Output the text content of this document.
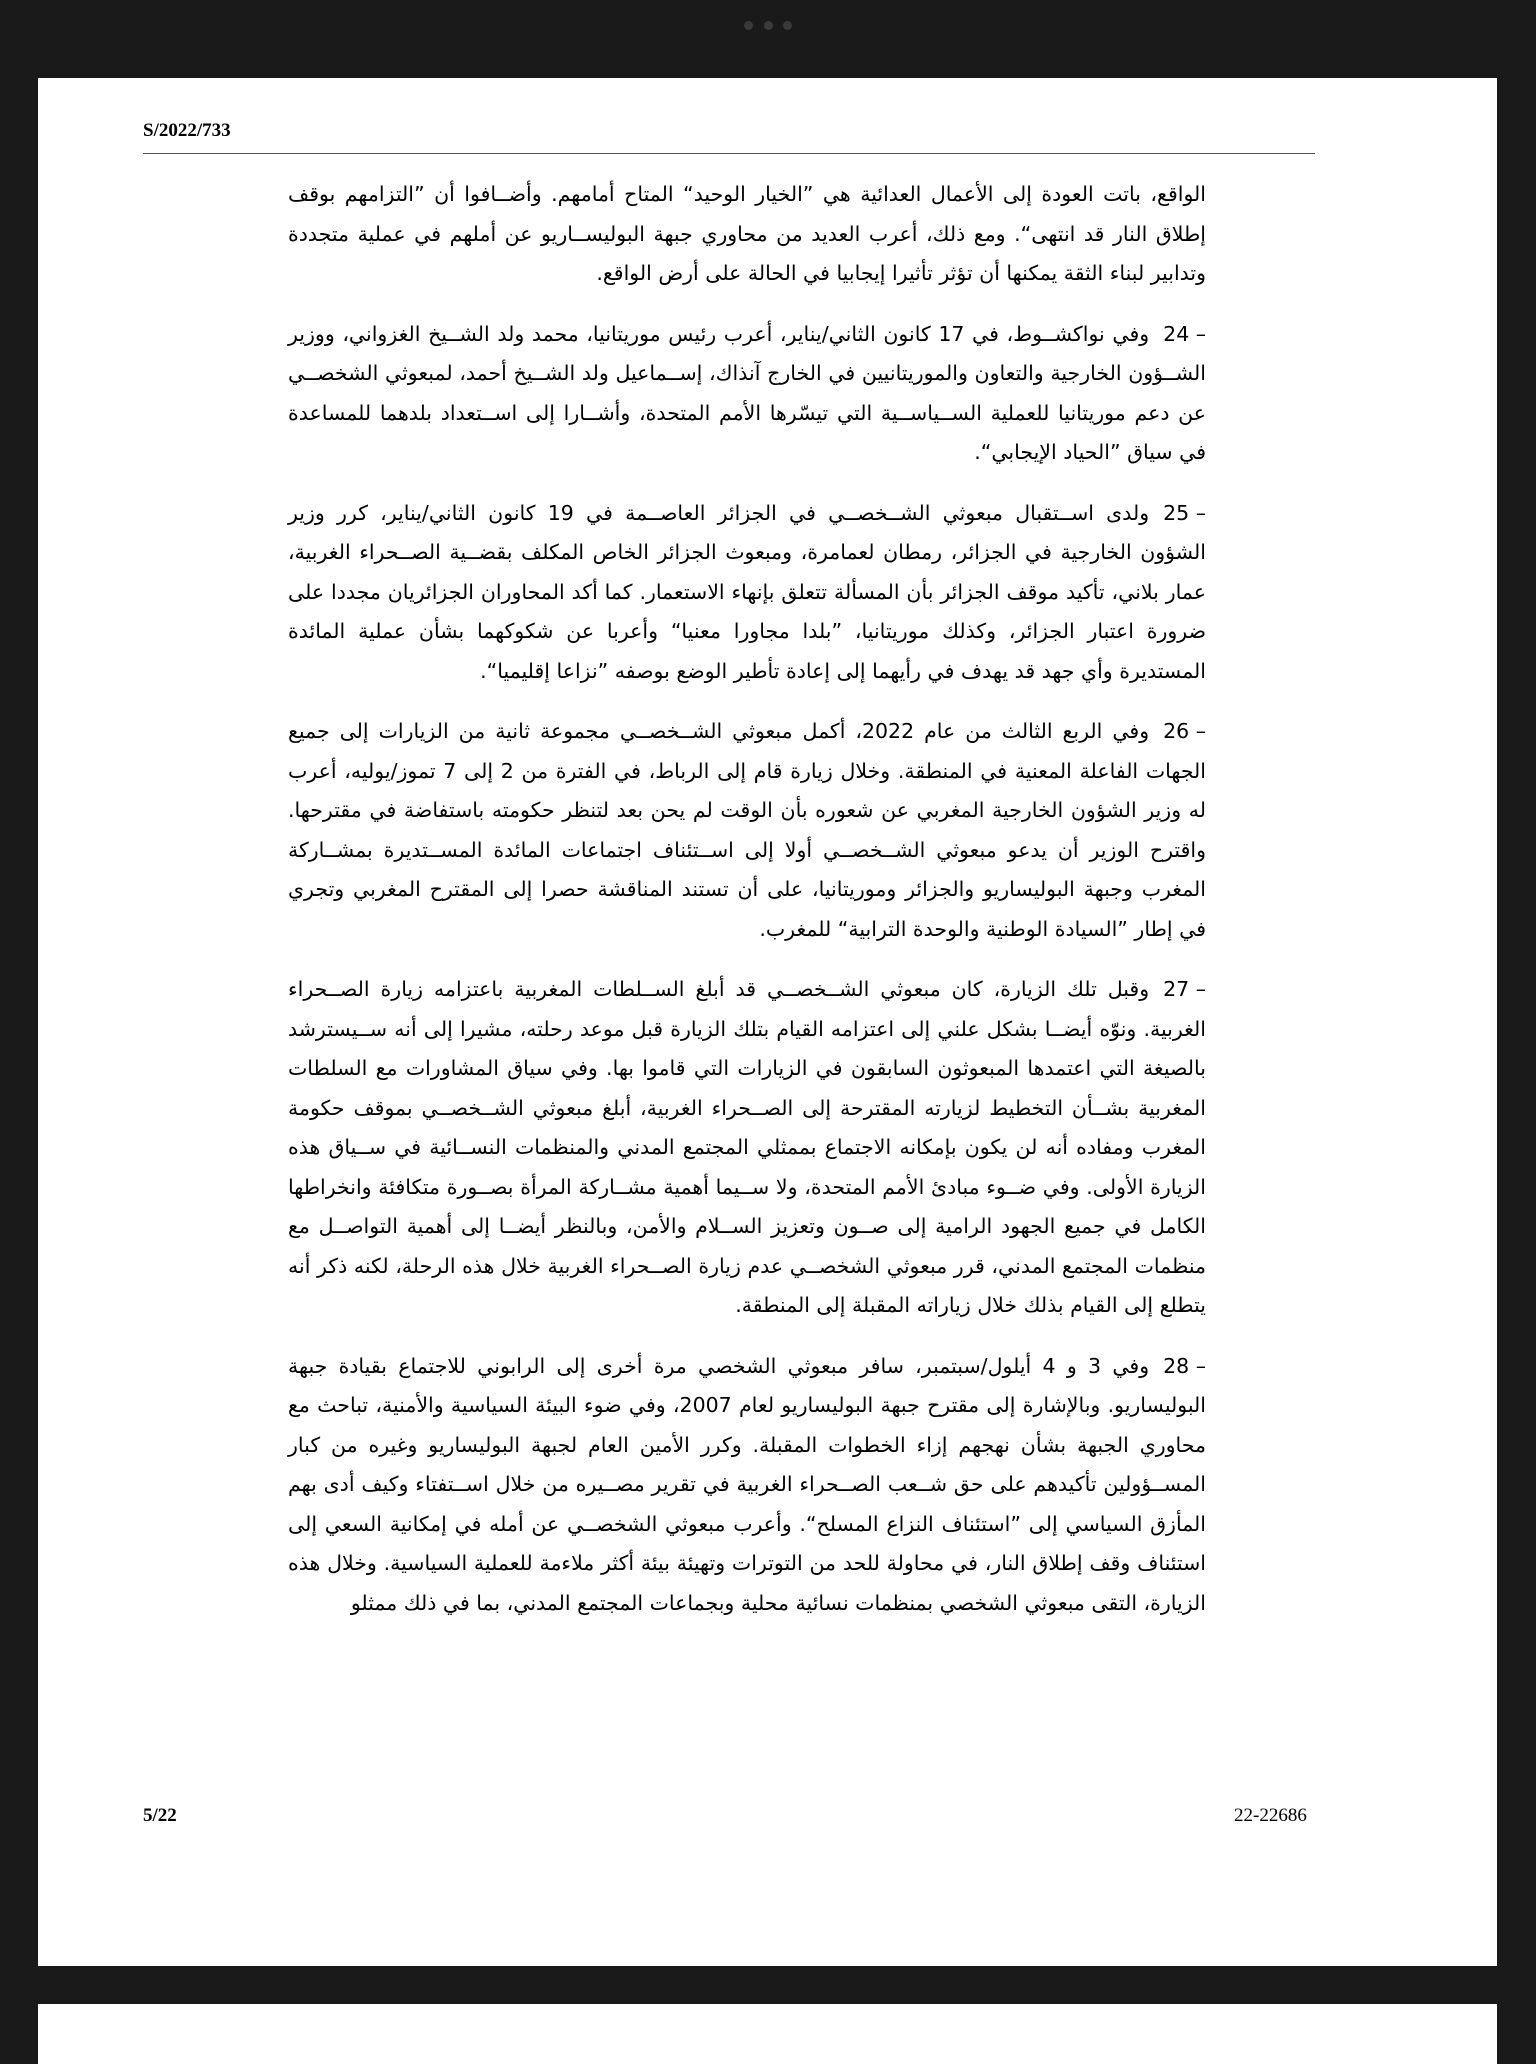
S/2022/733

الواقع، باتت العودة إلى الأعمال العدائية هي ”الخيار الوحيد“ المتاح أمامهم. وأضــافوا أن ”التزامهم بوقف إطلاق النار قد انتهى“. ومع ذلك، أعرب العديد من محاوري جبهة البوليســاريو عن أملهم في عملية متجددة وتدابير لبناء الثقة يمكنها أن تؤثر تأثيرا إيجابيا في الحالة على أرض الواقع.

24 –وفي نواكشــوط، في 17 كانون الثاني/يناير، أعرب رئيس موريتانيا، محمد ولد الشــيخ الغزواني، ووزير الشــؤون الخارجية والتعاون والموريتانيين في الخارج آنذاك، إســماعيل ولد الشــيخ أحمد، لمبعوثي الشخصــي عن دعم موريتانيا للعملية الســياســية التي تيسّرها الأمم المتحدة، وأشــارا إلى اســتعداد بلدهما للمساعدة في سياق ”الحياد الإيجابي“.

25 –ولدى اســتقبال مبعوثي الشــخصــي في الجزائر العاصــمة في 19 كانون الثاني/يناير، كرر وزير الشؤون الخارجية في الجزائر، رمطان لعمامرة، ومبعوث الجزائر الخاص المكلف بقضــية الصــحراء الغربية، عمار بلاني، تأكيد موقف الجزائر بأن المسألة تتعلق بإنهاء الاستعمار. كما أكد المحاوران الجزائريان مجددا على ضرورة اعتبار الجزائر، وكذلك موريتانيا، ”بلدا مجاورا معنيا“ وأعربا عن شكوكهما بشأن عملية المائدة المستديرة وأي جهد قد يهدف في رأيهما إلى إعادة تأطير الوضع بوصفه ”نزاعا إقليميا“.

26 –وفي الربع الثالث من عام 2022، أكمل مبعوثي الشــخصــي مجموعة ثانية من الزيارات إلى جميع الجهات الفاعلة المعنية في المنطقة. وخلال زيارة قام إلى الرباط، في الفترة من 2 إلى 7 تموز/يوليه، أعرب له وزير الشؤون الخارجية المغربي عن شعوره بأن الوقت لم يحن بعد لتنظر حكومته باستفاضة في مقترحها. واقترح الوزير أن يدعو مبعوثي الشــخصــي أولا إلى اســتئناف اجتماعات المائدة المســتديرة بمشــاركة المغرب وجبهة البوليساريو والجزائر وموريتانيا، على أن تستند المناقشة حصرا إلى المقترح المغربي وتجري في إطار ”السيادة الوطنية والوحدة الترابية“ للمغرب.

27 –وقبل تلك الزيارة، كان مبعوثي الشــخصــي قد أبلغ الســلطات المغربية باعتزامه زيارة الصــحراء الغربية. ونوّه أيضــا بشكل علني إلى اعتزامه القيام بتلك الزيارة قبل موعد رحلته، مشيرا إلى أنه ســيسترشد بالصيغة التي اعتمدها المبعوثون السابقون في الزيارات التي قاموا بها. وفي سياق المشاورات مع السلطات المغربية بشــأن التخطيط لزيارته المقترحة إلى الصــحراء الغربية، أبلغ مبعوثي الشــخصــي بموقف حكومة المغرب ومفاده أنه لن يكون بإمكانه الاجتماع بممثلي المجتمع المدني والمنظمات النســائية في ســياق هذه الزيارة الأولى. وفي ضــوء مبادئ الأمم المتحدة، ولا ســيما أهمية مشــاركة المرأة بصــورة متكافئة وانخراطها الكامل في جميع الجهود الرامية إلى صــون وتعزيز الســلام والأمن، وبالنظر أيضــا إلى أهمية التواصــل مع منظمات المجتمع المدني، قرر مبعوثي الشخصــي عدم زيارة الصــحراء الغربية خلال هذه الرحلة، لكنه ذكر أنه يتطلع إلى القيام بذلك خلال زياراته المقبلة إلى المنطقة.

28 –وفي 3 و 4 أيلول/سبتمبر، سافر مبعوثي الشخصي مرة أخرى إلى الرابوني للاجتماع بقيادة جبهة البوليساريو. وبالإشارة إلى مقترح جبهة البوليساريو لعام 2007، وفي ضوء البيئة السياسية والأمنية، تباحث مع محاوري الجبهة بشأن نهجهم إزاء الخطوات المقبلة. وكرر الأمين العام لجبهة البوليساريو وغيره من كبار المســؤولين تأكيدهم على حق شــعب الصــحراء الغربية في تقرير مصــيره من خلال اســتفتاء وكيف أدى بهم المأزق السياسي إلى ”استئناف النزاع المسلح“. وأعرب مبعوثي الشخصــي عن أمله في إمكانية السعي إلى استئناف وقف إطلاق النار، في محاولة للحد من التوترات وتهيئة بيئة أكثر ملاءمة للعملية السياسية. وخلال هذه الزيارة، التقى مبعوثي الشخصي بمنظمات نسائية محلية وبجماعات المجتمع المدني، بما في ذلك ممثلو

5/22	22-22686
